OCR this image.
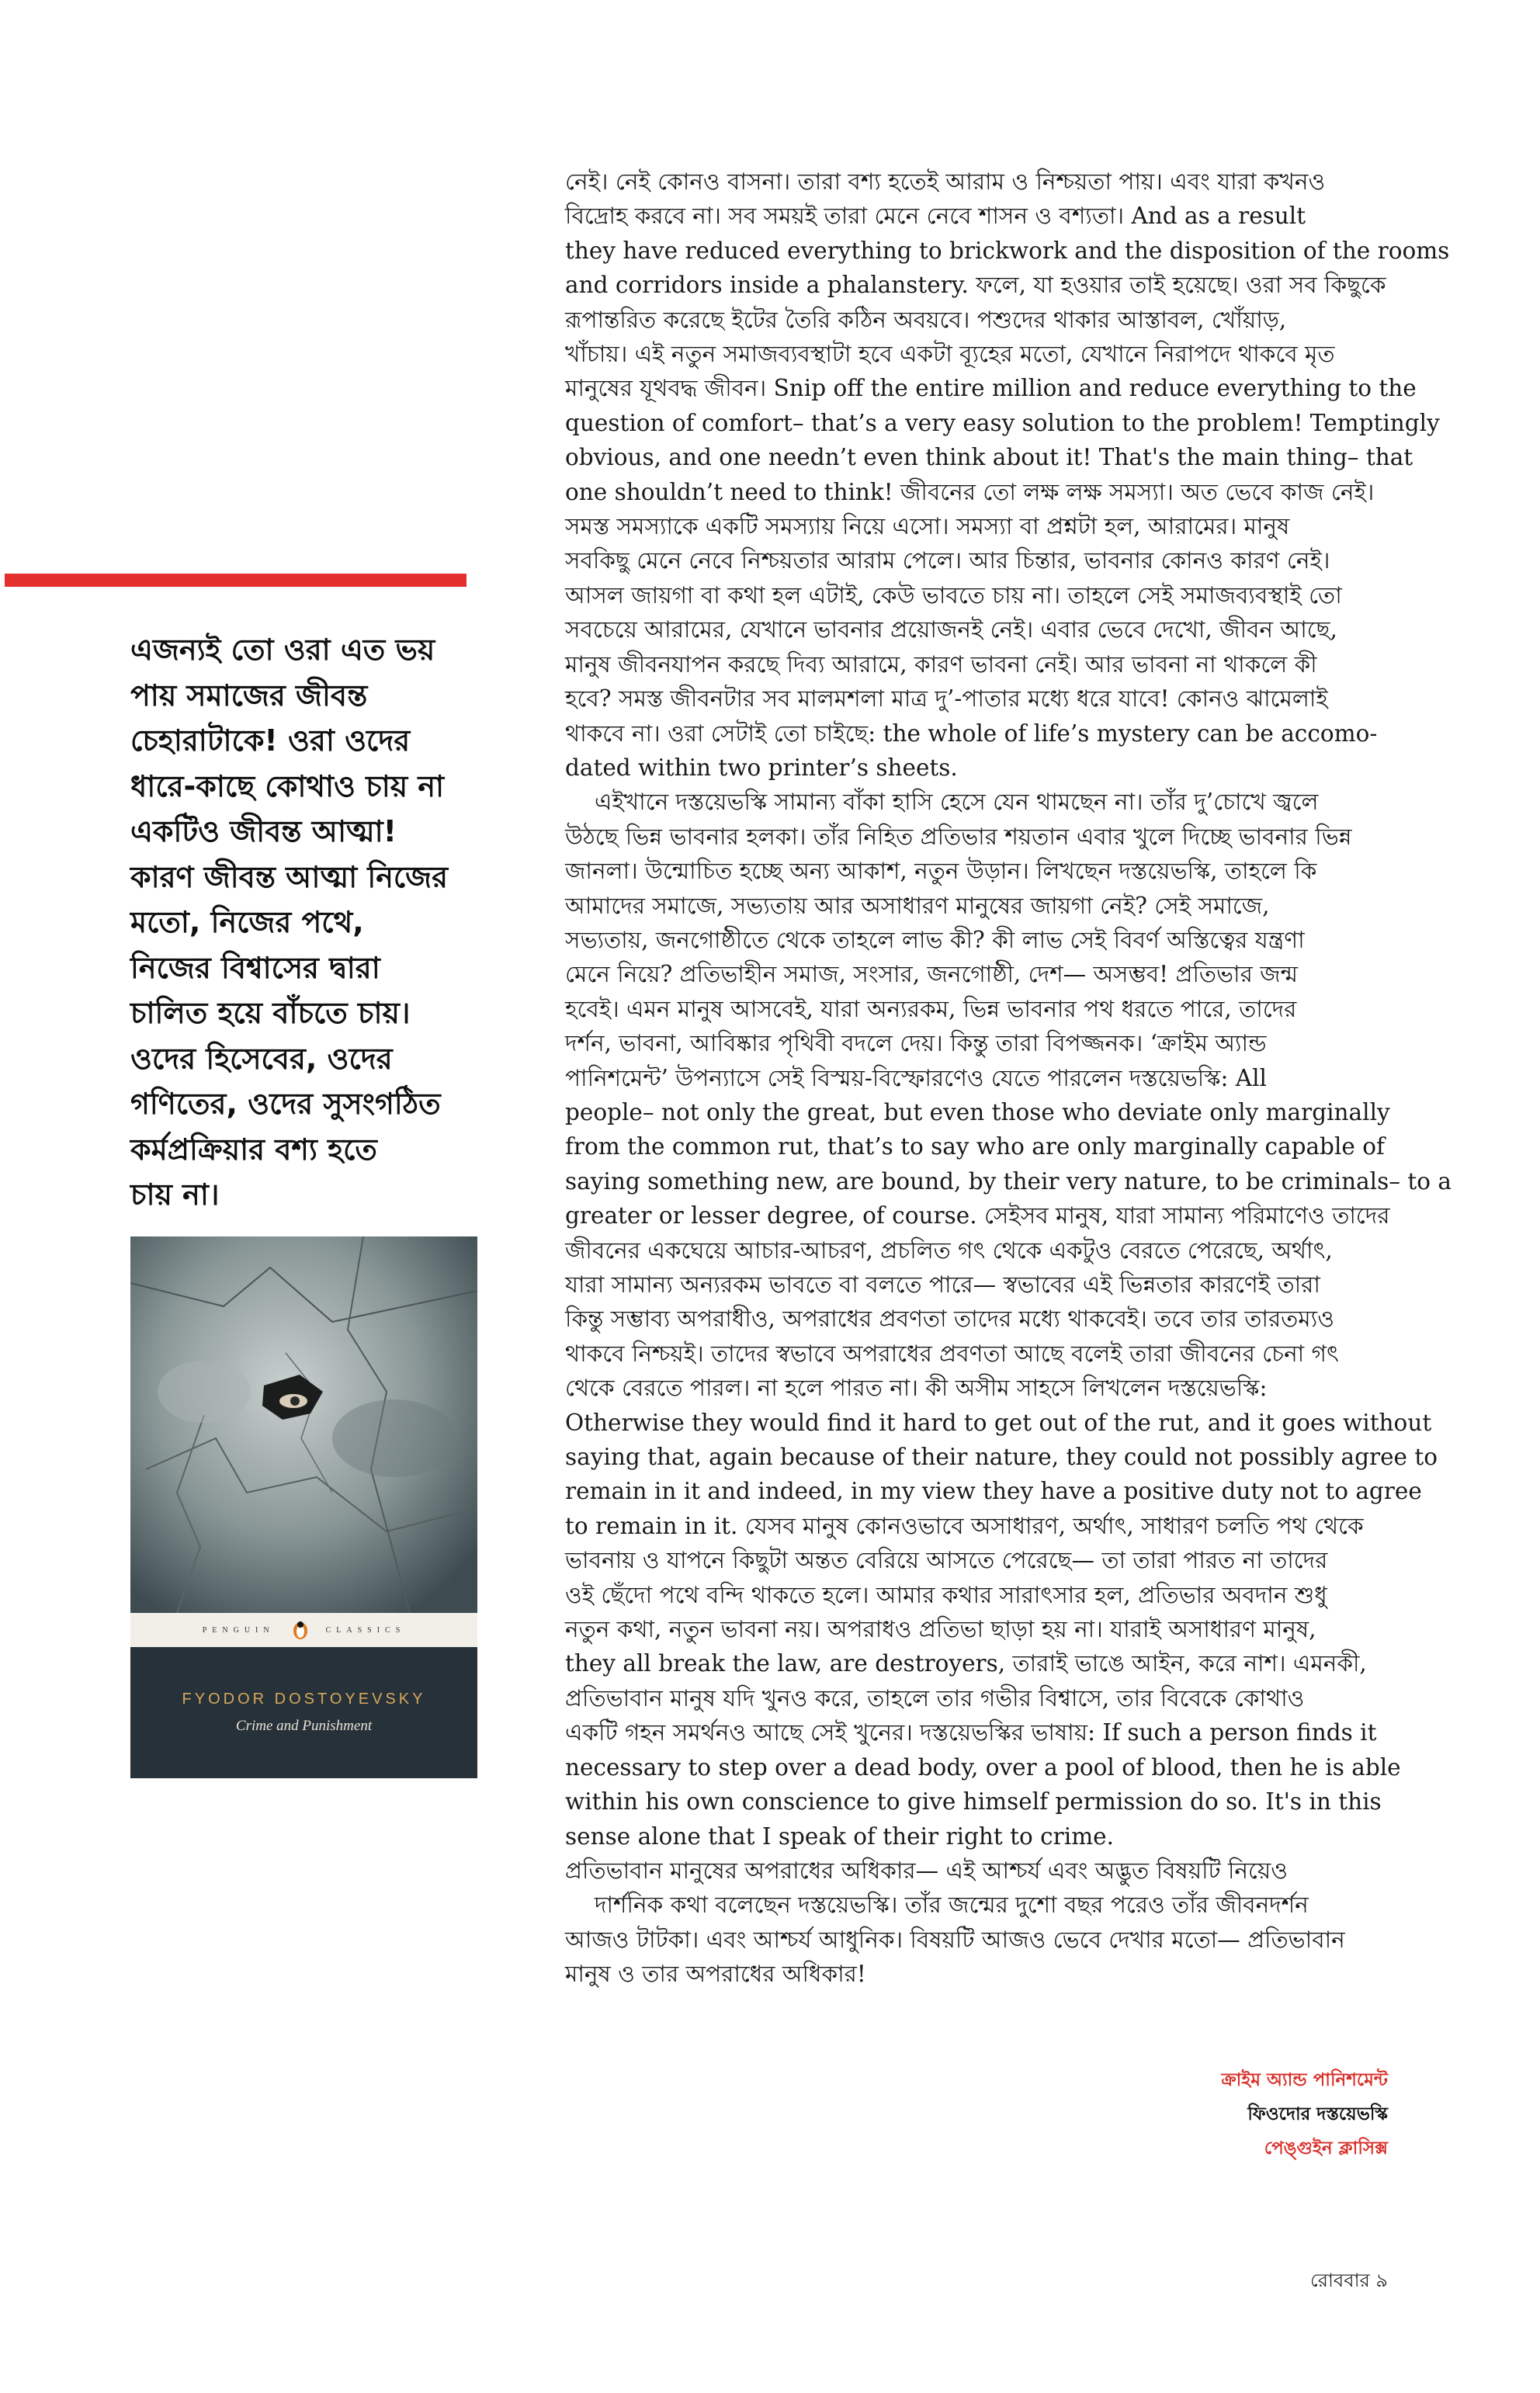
এজন্যই তো ওরা এত ভয়
পায় সমাজের জীবন্ত
চেহারাটাকে! ওরা ওদের
ধারে-কাছে কোথাও চায় না
একটিও জীবন্ত আত্মা!
কারণ জীবন্ত আত্মা নিজের
মতো, নিজের পথে,
নিজের বিশ্বাসের দ্বারা
চালিত হয়ে বাঁচতে চায়।
ওদের হিসেবের, ওদের
গণিতের, ওদের সুসংগঠিত
কর্মপ্রক্রিয়ার বশ্য হতে
চায় না।
PENGUIN	CLASSICS
FYODOR DOSTOYEVSKY
Crime and Punishment
নেই। নেই কোনও বাসনা। তারা বশ্য হতেই আরাম ও নিশ্চয়তা পায়। এবং যারা কখনও
বিদ্রোহ করবে না। সব সময়ই তারা মেনে নেবে শাসন ও বশ্যতা। And as a result
they have reduced everything to brickwork and the disposition of the rooms
and corridors inside a phalanstery. ফলে, যা হওয়ার তাই হয়েছে। ওরা সব কিছুকে
রূপান্তরিত করেছে ইটের তৈরি কঠিন অবয়বে। পশুদের থাকার আস্তাবল, খোঁয়াড়,
খাঁচায়। এই নতুন সমাজব্যবস্থাটা হবে একটা ব্যূহের মতো, যেখানে নিরাপদে থাকবে মৃত
মানুষের যূথবদ্ধ জীবন। Snip off the entire million and reduce everything to the
question of comfort– that’s a very easy solution to the problem! Temptingly
obvious, and one needn’t even think about it! That's the main thing– that
one shouldn’t need to think! জীবনের তো লক্ষ লক্ষ সমস্যা। অত ভেবে কাজ নেই।
সমস্ত সমস্যাকে একটি সমস্যায় নিয়ে এসো। সমস্যা বা প্রশ্নটা হল, আরামের। মানুষ
সবকিছু মেনে নেবে নিশ্চয়তার আরাম পেলে। আর চিন্তার, ভাবনার কোনও কারণ নেই।
আসল জায়গা বা কথা হল এটাই, কেউ ভাবতে চায় না। তাহলে সেই সমাজব্যবস্থাই তো
সবচেয়ে আরামের, যেখানে ভাবনার প্রয়োজনই নেই। এবার ভেবে দেখো, জীবন আছে,
মানুষ জীবনযাপন করছে দিব্য আরামে, কারণ ভাবনা নেই। আর ভাবনা না থাকলে কী
হবে? সমস্ত জীবনটার সব মালমশলা মাত্র দু’-পাতার মধ্যে ধরে যাবে! কোনও ঝামেলাই
থাকবে না। ওরা সেটাই তো চাইছে: the whole of life’s mystery can be accomo-
dated within two printer’s sheets.
এইখানে দস্তয়েভস্কি সামান্য বাঁকা হাসি হেসে যেন থামছেন না। তাঁর দু’চোখে জ্বলে
উঠছে ভিন্ন ভাবনার হলকা। তাঁর নিহিত প্রতিভার শয়তান এবার খুলে দিচ্ছে ভাবনার ভিন্ন
জানলা। উন্মোচিত হচ্ছে অন্য আকাশ, নতুন উড়ান। লিখছেন দস্তয়েভস্কি, তাহলে কি
আমাদের সমাজে, সভ্যতায় আর অসাধারণ মানুষের জায়গা নেই? সেই সমাজে,
সভ্যতায়, জনগোষ্ঠীতে থেকে তাহলে লাভ কী? কী লাভ সেই বিবর্ণ অস্তিত্বের যন্ত্রণা
মেনে নিয়ে? প্রতিভাহীন সমাজ, সংসার, জনগোষ্ঠী, দেশ— অসম্ভব! প্রতিভার জন্ম
হবেই। এমন মানুষ আসবেই, যারা অন্যরকম, ভিন্ন ভাবনার পথ ধরতে পারে, তাদের
দর্শন, ভাবনা, আবিষ্কার পৃথিবী বদলে দেয়। কিন্তু তারা বিপজ্জনক। ‘ক্রাইম অ্যান্ড
পানিশমেন্ট’ উপন্যাসে সেই বিস্ময়-বিস্ফোরণেও যেতে পারলেন দস্তয়েভস্কি: All
people– not only the great, but even those who deviate only marginally
from the common rut, that’s to say who are only marginally capable of
saying something new, are bound, by their very nature, to be criminals– to a
greater or lesser degree, of course. সেইসব মানুষ, যারা সামান্য পরিমাণেও তাদের
জীবনের একঘেয়ে আচার-আচরণ, প্রচলিত গৎ থেকে একটুও বেরতে পেরেছে, অর্থাৎ,
যারা সামান্য অন্যরকম ভাবতে বা বলতে পারে— স্বভাবের এই ভিন্নতার কারণেই তারা
কিন্তু সম্ভাব্য অপরাধীও, অপরাধের প্রবণতা তাদের মধ্যে থাকবেই। তবে তার তারতম্যও
থাকবে নিশ্চয়ই। তাদের স্বভাবে অপরাধের প্রবণতা আছে বলেই তারা জীবনের চেনা গৎ
থেকে বেরতে পারল। না হলে পারত না। কী অসীম সাহসে লিখলেন দস্তয়েভস্কি:
Otherwise they would find it hard to get out of the rut, and it goes without
saying that, again because of their nature, they could not possibly agree to
remain in it and indeed, in my view they have a positive duty not to agree
to remain in it. যেসব মানুষ কোনওভাবে অসাধারণ, অর্থাৎ, সাধারণ চলতি পথ থেকে
ভাবনায় ও যাপনে কিছুটা অন্তত বেরিয়ে আসতে পেরেছে— তা তারা পারত না তাদের
ওই ছেঁদো পথে বন্দি থাকতে হলে। আমার কথার সারাৎসার হল, প্রতিভার অবদান শুধু
নতুন কথা, নতুন ভাবনা নয়। অপরাধও প্রতিভা ছাড়া হয় না। যারাই অসাধারণ মানুষ,
they all break the law, are destroyers, তারাই ভাঙে আইন, করে নাশ। এমনকী,
প্রতিভাবান মানুষ যদি খুনও করে, তাহলে তার গভীর বিশ্বাসে, তার বিবেকে কোথাও
একটি গহন সমর্থনও আছে সেই খুনের। দস্তয়েভস্কির ভাষায়: If such a person finds it
necessary to step over a dead body, over a pool of blood, then he is able
within his own conscience to give himself permission do so. It's in this
sense alone that I speak of their right to crime.
প্রতিভাবান মানুষের অপরাধের অধিকার— এই আশ্চর্য এবং অদ্ভুত বিষয়টি নিয়েও
দার্শনিক কথা বলেছেন দস্তয়েভস্কি। তাঁর জন্মের দুশো বছর পরেও তাঁর জীবনদর্শন
আজও টাটকা। এবং আশ্চর্য আধুনিক। বিষয়টি আজও ভেবে দেখার মতো— প্রতিভাবান
মানুষ ও তার অপরাধের অধিকার!
ক্রাইম অ্যান্ড পানিশমেন্ট
ফিওদোর দস্তয়েভস্কি
পেঙ্গুইন ক্লাসিক্স
রোববার ৯
